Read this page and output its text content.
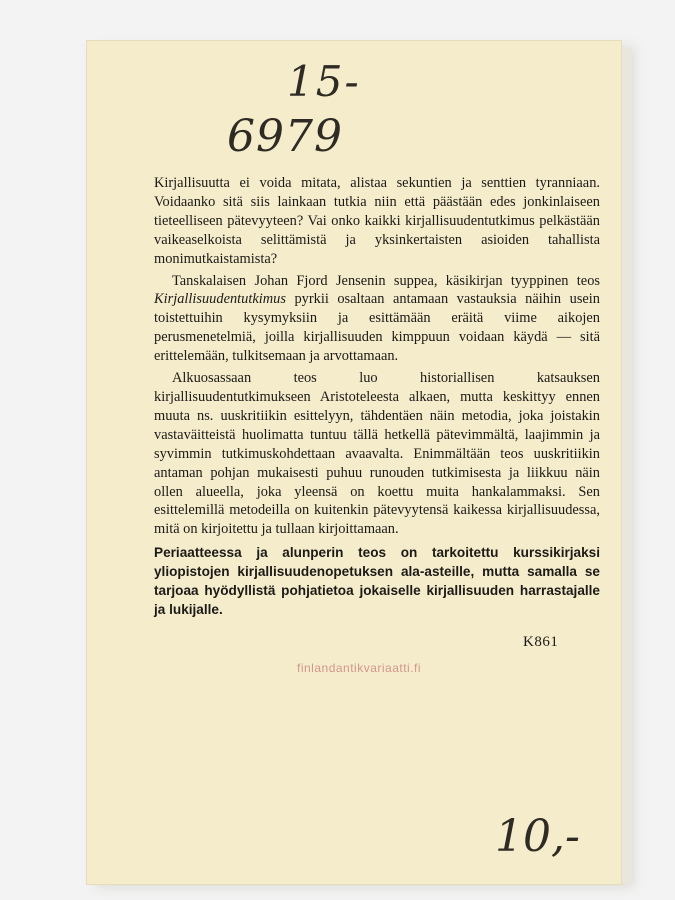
15-
6979

Kirjallisuutta ei voida mitata, alistaa sekuntien ja senttien tyranniaan. Voidaanko sitä siis lainkaan tutkia niin että päästään edes jonkinlaiseen tieteelliseen pätevyyteen? Vai onko kaikki kirjallisuudentutkimus pelkästään vaikeaselkoista selittämistä ja yksinkertaisten asioiden tahallista monimutkaistamista?

Tanskalaisen Johan Fjord Jensenin suppea, käsikirjan tyyppinen teos Kirjallisuudentutkimus pyrkii osaltaan antamaan vastauksia näihin usein toistettuihin kysymyksiin ja esittämään eräitä viime aikojen perusmenetelmiä, joilla kirjallisuuden kimppuun voidaan käydä — sitä erittelemään, tulkitsemaan ja arvottamaan.

Alkuosassaan teos luo historiallisen katsauksen kirjallisuudentutkimukseen Aristoteleesta alkaen, mutta keskittyy ennen muuta ns. uuskritiikin esittelyyn, tähdentäen näin metodia, joka joistakin vastaväitteistä huolimatta tuntuu tällä hetkellä pätevimmältä, laajimmin ja syvimmin tutkimuskohdettaan avaavalta. Enimmältään teos uuskritiikin antaman pohjan mukaisesti puhuu runouden tutkimisesta ja liikkuu näin ollen alueella, joka yleensä on koettu muita hankalammaksi. Sen esittelemillä metodeilla on kuitenkin pätevyytensä kaikessa kirjallisuudessa, mitä on kirjoitettu ja tullaan kirjoittamaan.

Periaatteessa ja alunperin teos on tarkoitettu kurssikirjaksi yliopistojen kirjallisuudenopetuksen ala-asteille, mutta samalla se tarjoaa hyödyllistä pohjatietoa jokaiselle kirjallisuuden harrastajalle ja lukijalle.

K861
finlandantikvariaatti.fi
10,-
